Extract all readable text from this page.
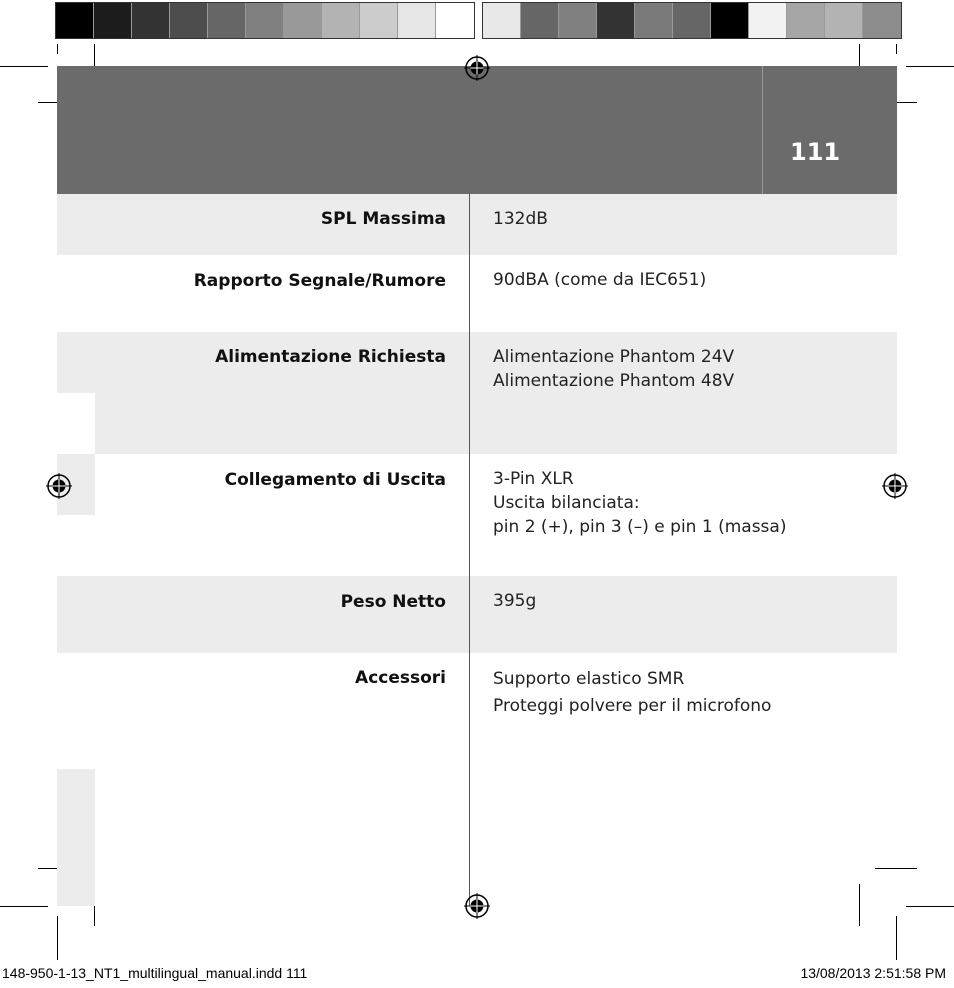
111
SPL Massima	132dB
Rapporto Segnale/Rumore	90dBA (come da IEC651)
Alimentazione Richiesta	Alimentazione Phantom 24V
Alimentazione Phantom 48V
Collegamento di Uscita	3-Pin XLR
Uscita bilanciata:
pin 2 (+), pin 3 (–) e pin 1 (massa)
Peso Netto	395g
Accessori	Supporto elastico SMR
Proteggi polvere per il microfono
148-950-1-13_NT1_multilingual_manual.indd 111	13/08/2013 2:51:58 PM
